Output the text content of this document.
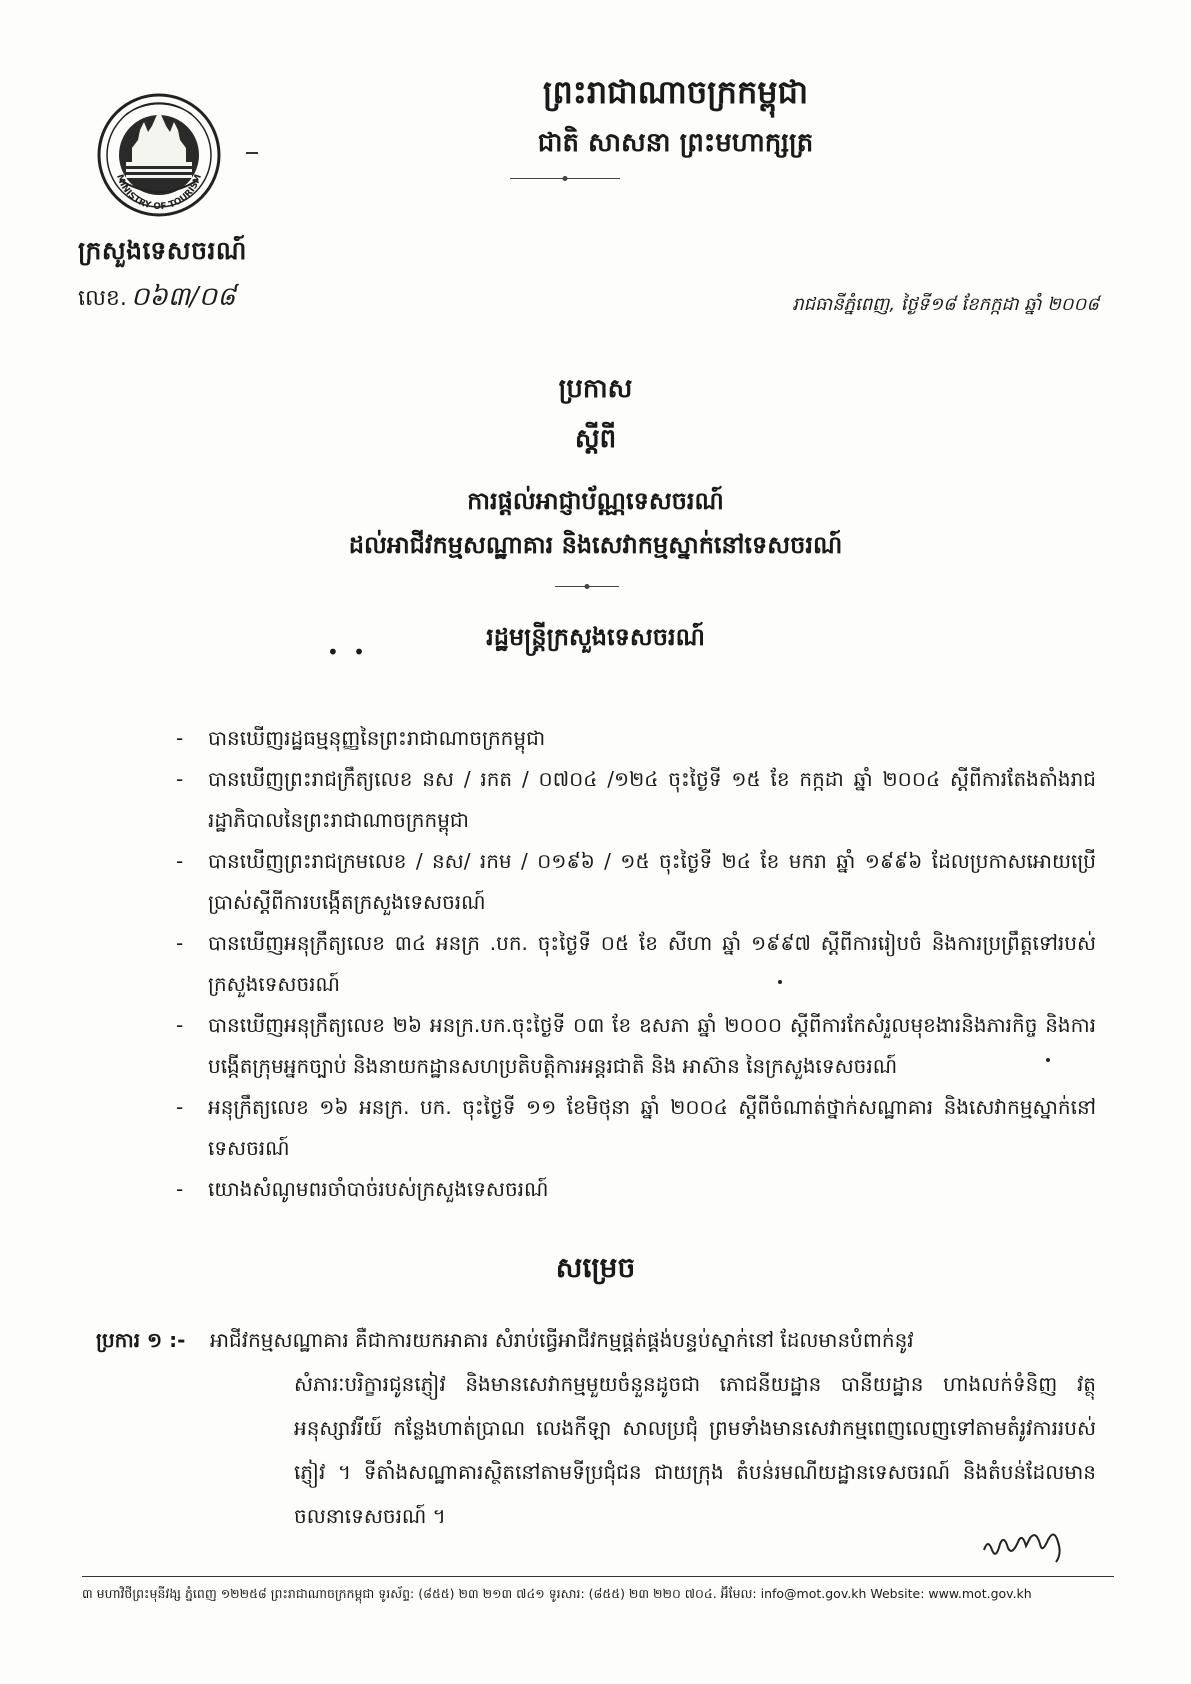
MINISTRY OF TOURISM
ព្រះរាជាណាចក្រកម្ពុជា
ជាតិ សាសនា ព្រះមហាក្សត្រ
ក្រសួងទេសចរណ៍
លេខ. ០៦៣/០៨	រាជធានីភ្នំពេញ, ថ្ងៃទី១៨ ខែកក្កដា ឆ្នាំ ២០០៨
ប្រកាស
ស្តីពី
ការផ្តល់អាជ្ញាប័ណ្ណទេសចរណ៍
ដល់អាជីវកម្មសណ្ឋាគារ និងសេវាកម្មស្នាក់នៅទេសចរណ៍
• •
រដ្ឋមន្ត្រីក្រសួងទេសចរណ៍
- បានឃើញរដ្ឋធម្មនុញ្ញនៃព្រះរាជាណាចក្រកម្ពុជា
- បានឃើញព្រះរាជក្រឹត្យលេខ នស / រកត / ០៧០៤ /១២៤ ចុះថ្ងៃទី ១៥ ខែ កក្កដា ឆ្នាំ ២០០៤ ស្តីពីការតែងតាំងរាជរដ្ឋាភិបាលនៃព្រះរាជាណាចក្រកម្ពុជា
- បានឃើញព្រះរាជក្រមលេខ / នស/ រកម / ០១៩៦ / ១៥ ចុះថ្ងៃទី ២៤ ខែ មករា ឆ្នាំ ១៩៩៦ ដែលប្រកាសអោយប្រើប្រាស់ស្តីពីការបង្កើតក្រសួងទេសចរណ៍
- បានឃើញអនុក្រឹត្យលេខ ៣៤ អនក្រ .បក. ចុះថ្ងៃទី ០៥ ខែ សីហា ឆ្នាំ ១៩៩៧ ស្តីពីការរៀបចំ និងការប្រព្រឹត្តទៅរបស់ក្រសួងទេសចរណ៍
- បានឃើញអនុក្រឹត្យលេខ ២៦ អនក្រ.បក.ចុះថ្ងៃទី ០៣ ខែ ឧសភា ឆ្នាំ ២០០០ ស្តីពីការកែសំរួលមុខងារនិងភារកិច្ច និងការបង្កើតក្រុមអ្នកច្បាប់ និងនាយកដ្ឋានសហប្រតិបត្តិការអន្តរជាតិ និង អាស៊ាន នៃក្រសួងទេសចរណ៍
- អនុក្រឹត្យលេខ ១៦ អនក្រ. បក. ចុះថ្ងៃទី ១១ ខែមិថុនា ឆ្នាំ ២០០៤ ស្តីពីចំណាត់ថ្នាក់សណ្ឋាគារ និងសេវាកម្មស្នាក់នៅទេសចរណ៍
- យោងសំណូមពរចាំបាច់របស់ក្រសួងទេសចរណ៍
សម្រេច
ប្រការ ១ :- អាជីវកម្មសណ្ឋាគារ គឺជាការយកអាគារ សំរាប់ធ្វើអាជីវកម្មផ្គត់ផ្គង់បន្ទប់ស្នាក់នៅ ដែលមានបំពាក់នូវ

សំភារៈបរិក្ខារជូនភ្ញៀវ និងមានសេវាកម្មមួយចំនួនដូចជា ភោជនីយដ្ឋាន បានីយដ្ឋាន ហាងលក់ទំនិញ វត្ថុអនុស្សាវរីយ៍ កន្លែងហាត់ប្រាណ លេងកីឡា សាលប្រជុំ ព្រមទាំងមានសេវាកម្មពេញលេញទៅតាមតំរូវការរបស់ភ្ញៀវ ។ ទីតាំងសណ្ឋាគារស្ថិតនៅតាមទីប្រជុំជន ជាយក្រុង តំបន់រមណីយដ្ឋានទេសចរណ៍ និងតំបន់ដែលមានចលនាទេសចរណ៍ ។

៣ មហាវិថីព្រះមុនីវង្ស ភ្នំពេញ ១២២៥៨ ព្រះរាជាណាចក្រកម្ពុជា ទូរស័ព្ទ: (៨៥៥) ២៣ ២១៣ ៧៤១ ទូរសារ: (៨៥៥) ២៣ ២២០ ៧០៤. អ៊ីមែល: info@mot.gov.kh Website: www.mot.gov.kh
